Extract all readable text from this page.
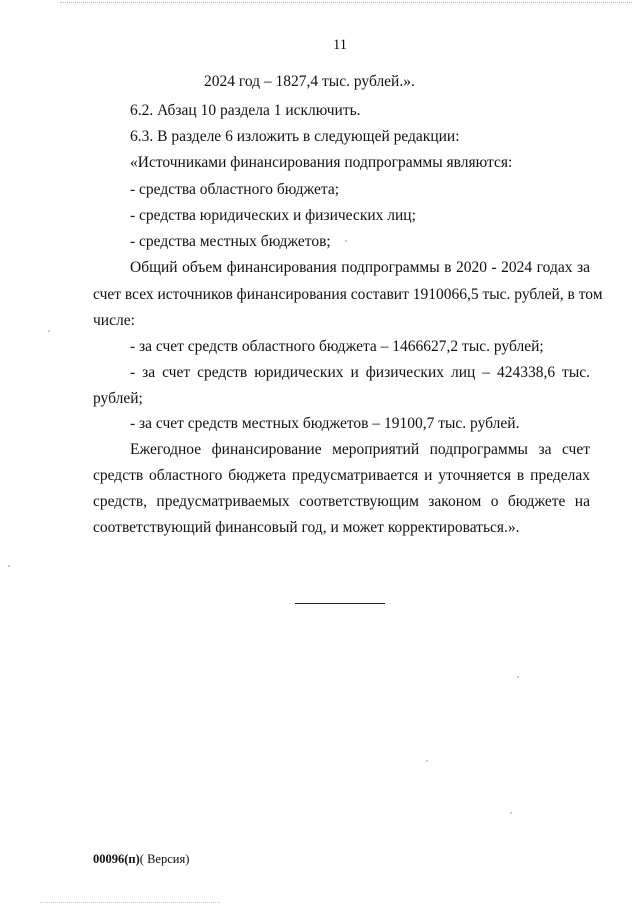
11
2024 год – 1827,4 тыс. рублей.».
6.2. Абзац 10 раздела 1 исключить.
6.3. В разделе 6 изложить в следующей редакции:
«Источниками финансирования подпрограммы являются:
- средства областного бюджета;
- средства юридических и физических лиц;
- средства местных бюджетов;
Общий объем финансирования подпрограммы в 2020 - 2024 годах за
счет всех источников финансирования составит 1910066,5 тыс. рублей, в том
числе:
- за счет средств областного бюджета – 1466627,2 тыс. рублей;
- за счет средств юридических и физических лиц – 424338,6 тыс.
рублей;
- за счет средств местных бюджетов – 19100,7 тыс. рублей.
Ежегодное финансирование мероприятий подпрограммы за счет
средств областного бюджета предусматривается и уточняется в пределах
средств, предусматриваемых соответствующим законом о бюджете на
соответствующий финансовый год, и может корректироваться.».
00096(п)( Версия)
